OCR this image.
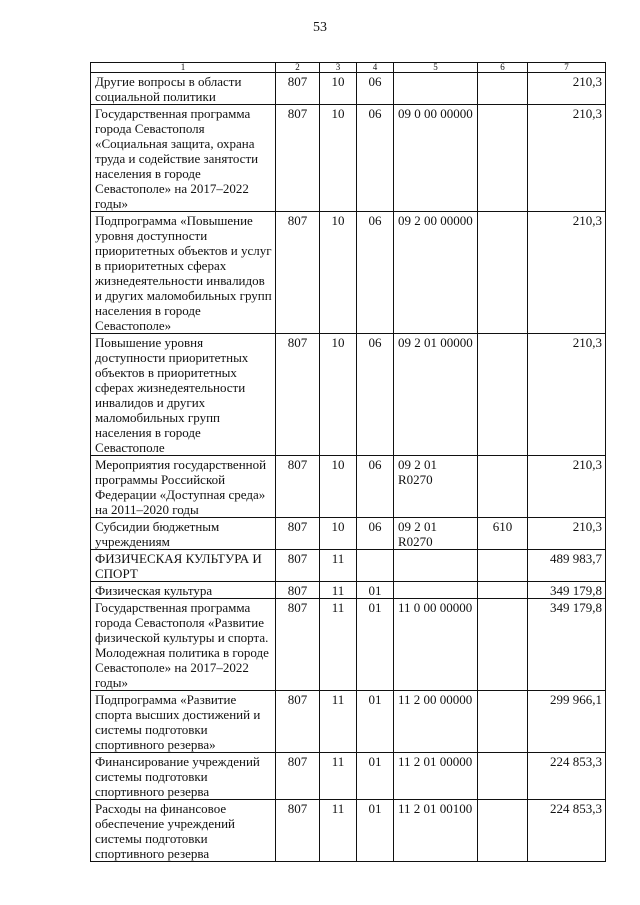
53
1	2	3	4	5	6	7
Другие вопросы в области социальной политики	807	10	06			210,3
Государственная программа города Севастополя «Социальная защита, охрана труда и содействие занятости населения в городе Севастополе» на 2017–2022 годы»	807	10	06	09 0 00 00000		210,3
Подпрограмма «Повышение уровня доступности приоритетных объектов и услуг в приоритетных сферах жизнедеятельности инвалидов и других маломобильных групп населения в городе Севастополе»	807	10	06	09 2 00 00000		210,3
Повышение уровня доступности приоритетных объектов в приоритетных сферах жизнедеятельности инвалидов и других маломобильных групп населения в городе Севастополе	807	10	06	09 2 01 00000		210,3
Мероприятия государственной программы Российской Федерации «Доступная среда» на 2011–2020 годы	807	10	06	09 2 01 R0270		210,3
Субсидии бюджетным учреждениям	807	10	06	09 2 01 R0270	610	210,3
ФИЗИЧЕСКАЯ КУЛЬТУРА И СПОРТ	807	11				489 983,7
Физическая культура	807	11	01			349 179,8
Государственная программа города Севастополя «Развитие физической культуры и спорта. Молодежная политика в городе Севастополе» на 2017–2022 годы»	807	11	01	11 0 00 00000		349 179,8
Подпрограмма «Развитие спорта высших достижений и системы подготовки спортивного резерва»	807	11	01	11 2 00 00000		299 966,1
Финансирование учреждений системы подготовки спортивного резерва	807	11	01	11 2 01 00000		224 853,3
Расходы на финансовое обеспечение учреждений системы подготовки спортивного резерва	807	11	01	11 2 01 00100		224 853,3
